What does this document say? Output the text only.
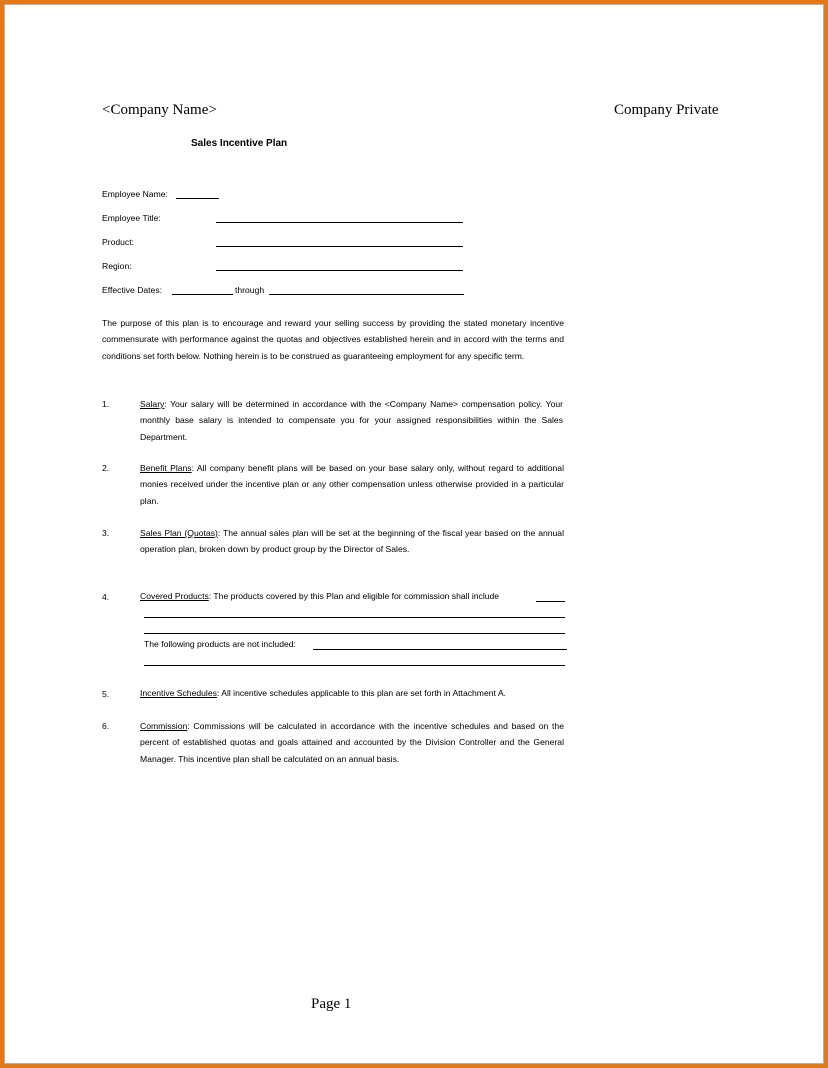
<Company Name>	Company Private
Sales Incentive Plan
Employee Name:
Employee Title:
Product:
Region:
Effective Dates:	through
The purpose of this plan is to encourage and reward your selling success by providing the stated monetary incentive commensurate with performance against the quotas and objectives established herein and in accord with the terms and conditions set forth below. Nothing herein is to be construed as guaranteeing employment for any specific term.
1.	Salary: Your salary will be determined in accordance with the <Company Name> compensation policy. Your monthly base salary is intended to compensate you for your assigned responsibilities within the Sales Department.
2.	Benefit Plans: All company benefit plans will be based on your base salary only, without regard to additional monies received under the incentive plan or any other compensation unless otherwise provided in a particular plan.
3.	Sales Plan (Quotas): The annual sales plan will be set at the beginning of the fiscal year based on the annual operation plan, broken down by product group by the Director of Sales.
4.	Covered Products: The products covered by this Plan and eligible for commission shall include
The following products are not included:
5.	Incentive Schedules: All incentive schedules applicable to this plan are set forth in Attachment A.
6.	Commission: Commissions will be calculated in accordance with the incentive schedules and based on the percent of established quotas and goals attained and accounted by the Division Controller and the General Manager. This incentive plan shall be calculated on an annual basis.
Page 1
